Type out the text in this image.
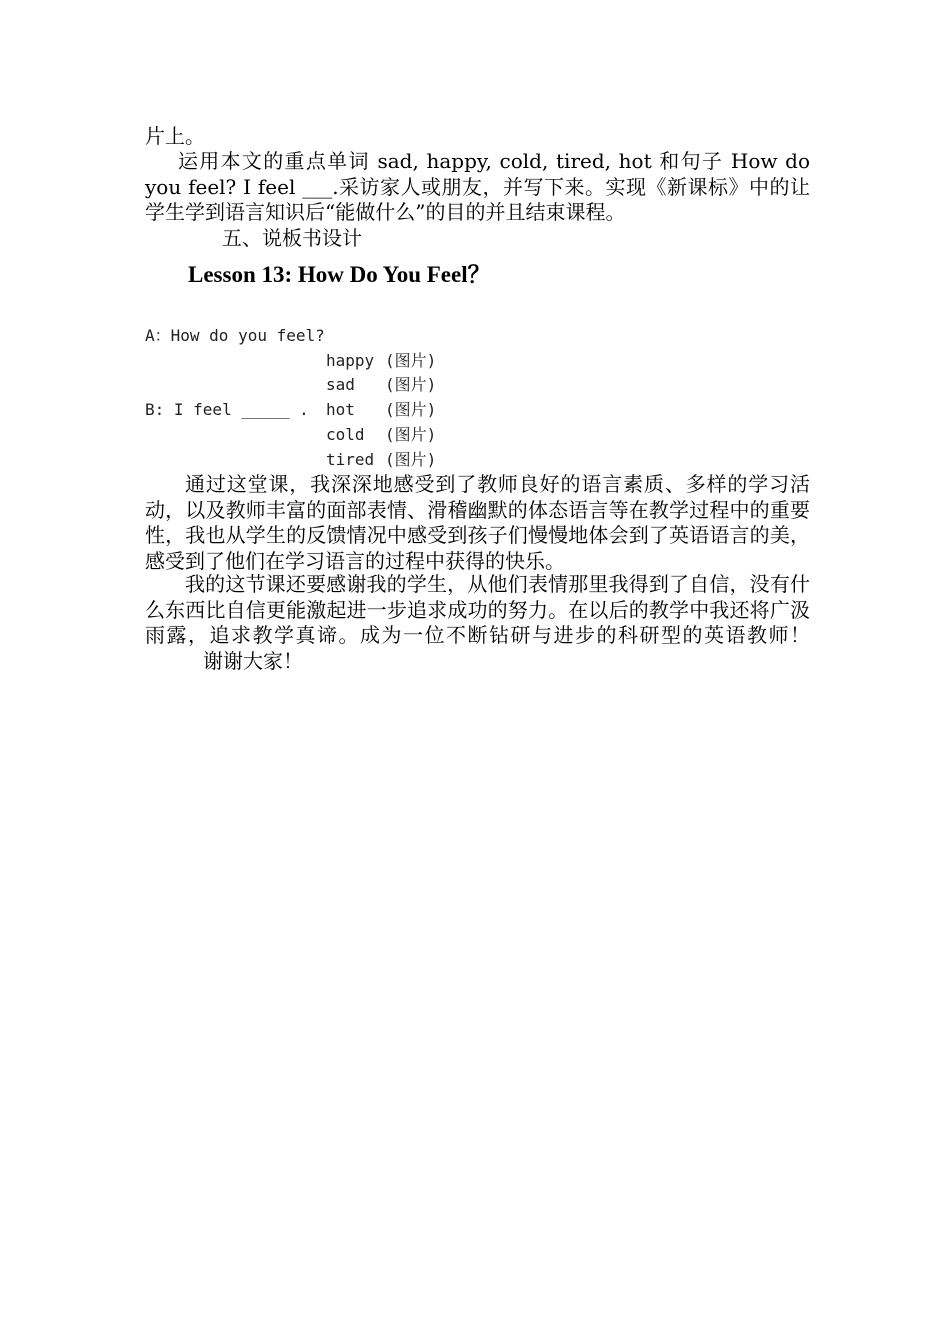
片上。

运用本文的重点单词 sad, happy, cold, tired, hot 和句子 How do you feel? I feel ___.采访家人或朋友，并写下来。实现《新课标》中的让学生学到语言知识后“能做什么”的目的并且结束课程。

五、说板书设计

Lesson 13: How Do You Feel？

A：How do you feel?

happy (图片)
sad (图片)

B: I feel _____ . hot (图片)
cold (图片)
tired (图片)

通过这堂课，我深深地感受到了教师良好的语言素质、多样的学习活动，以及教师丰富的面部表情、滑稽幽默的体态语言等在教学过程中的重要性，我也从学生的反馈情况中感受到孩子们慢慢地体会到了英语语言的美，感受到了他们在学习语言的过程中获得的快乐。

我的这节课还要感谢我的学生，从他们表情那里我得到了自信，没有什么东西比自信更能激起进一步追求成功的努力。在以后的教学中我还将广汲雨露，追求教学真谛。成为一位不断钻研与进步的科研型的英语教师！谢谢大家！
